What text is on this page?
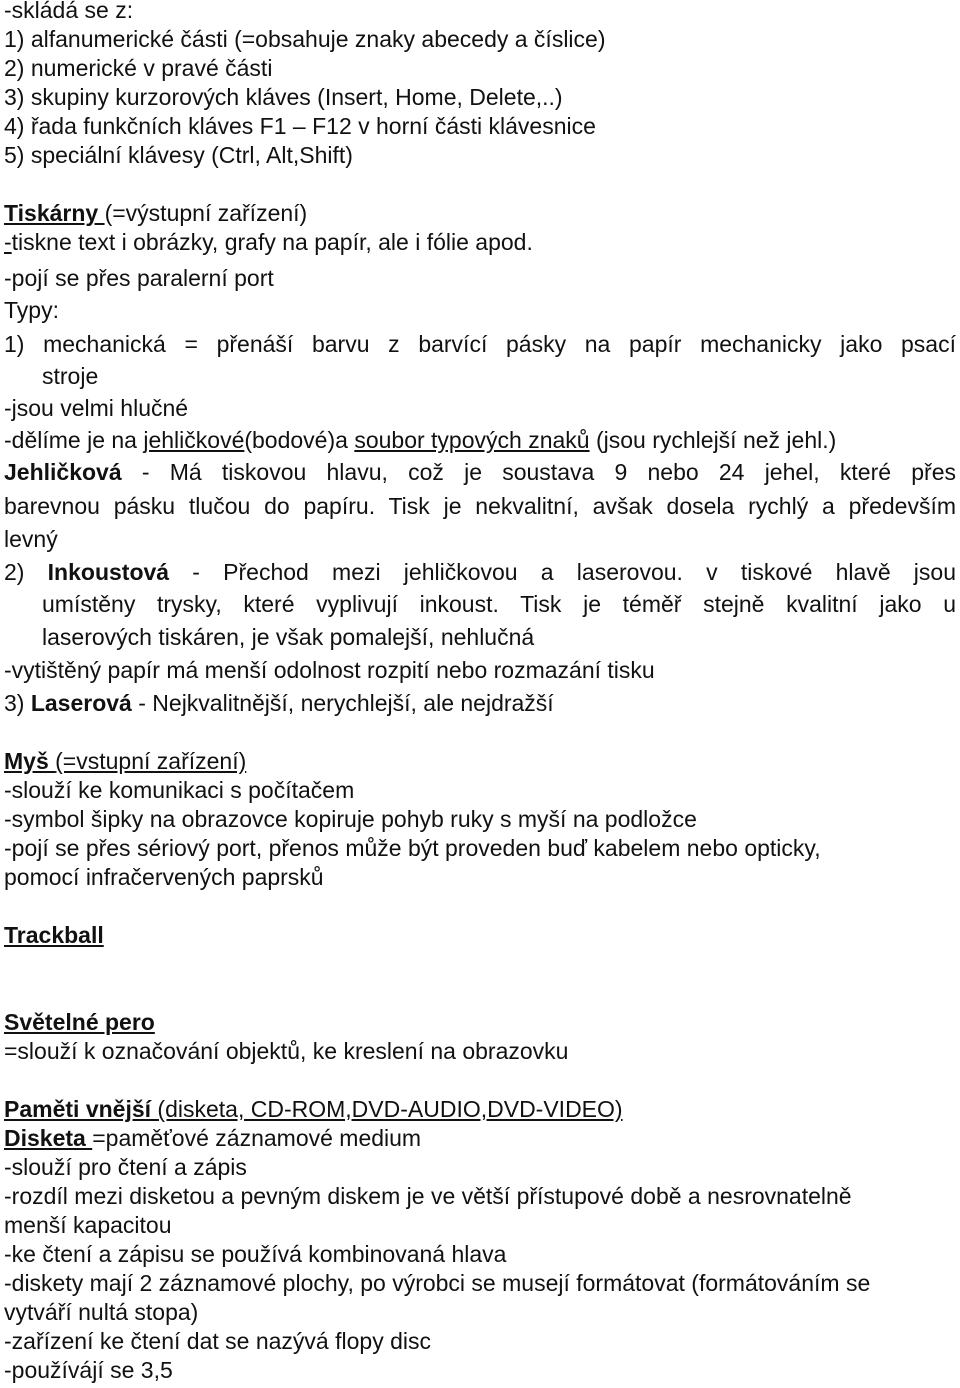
-skládá se z:
1) alfanumerické části (=obsahuje znaky abecedy a číslice)
2) numerické v pravé části
3) skupiny kurzorových kláves (Insert, Home, Delete,..)
4) řada funkčních kláves F1 – F12 v horní části klávesnice
5) speciální klávesy (Ctrl, Alt,Shift)
Tiskárny (=výstupní zařízení)
-tiskne text i obrázky, grafy na papír, ale i fólie apod.
-pojí se přes paralerní port
Typy:
1) mechanická = přenáší barvu z barvící pásky na papír mechanicky jako psací
stroje
-jsou velmi hlučné
-dělíme je na jehličkové(bodové)a soubor typových znaků (jsou rychlejší než jehl.)
Jehličková - Má tiskovou hlavu, což je soustava 9 nebo 24 jehel, které přes
barevnou pásku tlučou do papíru. Tisk je nekvalitní, avšak dosela rychlý a především
levný
2) Inkoustová - Přechod mezi jehličkovou a laserovou. v tiskové hlavě jsou
umístěny trysky, které vyplivují inkoust. Tisk je téměř stejně kvalitní jako u
laserových tiskáren, je však pomalejší, nehlučná
-vytištěný papír má menší odolnost rozpití nebo rozmazání tisku
3) Laserová - Nejkvalitnější, nerychlejší, ale nejdražší
Myš (=vstupní zařízení)
-slouží ke komunikaci s počítačem
-symbol šipky na obrazovce kopiruje pohyb ruky s myší na podložce
-pojí se přes sériový port, přenos může být proveden buď kabelem nebo opticky,
pomocí infračervených paprsků
Trackball
Světelné pero
=slouží k označování objektů, ke kreslení na obrazovku
Paměti vnější (disketa, CD-ROM,DVD-AUDIO,DVD-VIDEO)
Disketa =paměťové záznamové medium
-slouží pro čtení a zápis
-rozdíl mezi disketou a pevným diskem je ve větší přístupové době a nesrovnatelně
menší kapacitou
-ke čtení a zápisu se používá kombinovaná hlava
-diskety mají 2 záznamové plochy, po výrobci se musejí formátovat (formátováním se
vytváří nultá stopa)
-zařízení ke čtení dat se nazývá flopy disc
-používájí se 3,5
